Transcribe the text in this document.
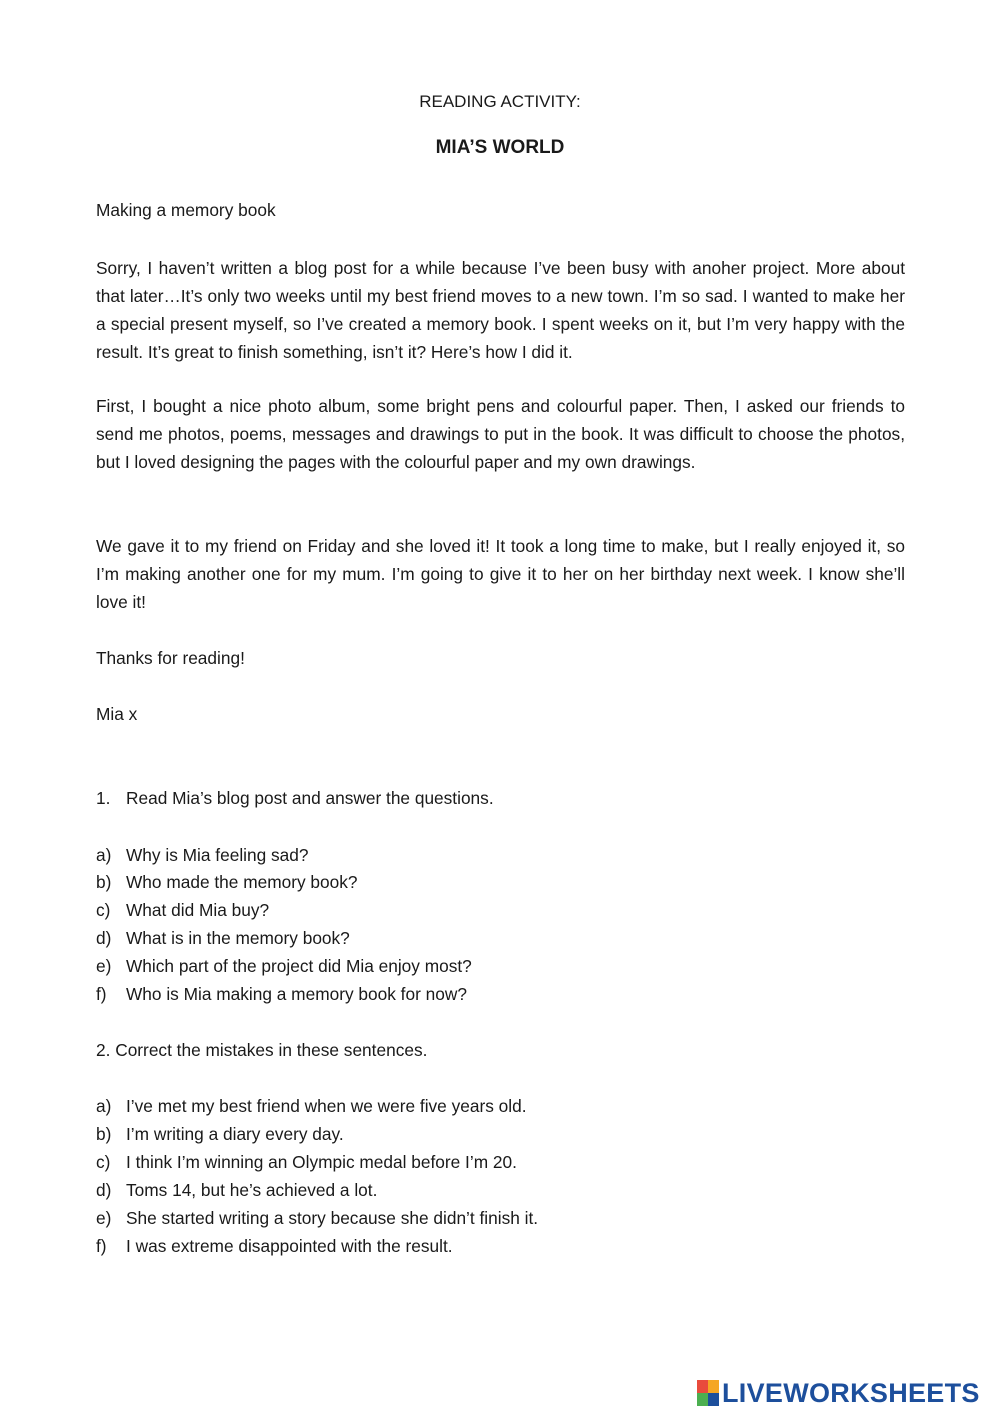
READING ACTIVITY:
MIA’S WORLD
Making a memory book
Sorry, I haven’t written a blog post for a while because I’ve been busy with anoher project. More about that later…It’s only two weeks until my best friend moves to a new town. I’m so sad. I wanted to make her a special present myself, so I’ve created a memory book. I spent weeks on it, but I’m very happy with the result. It’s great to finish something, isn’t it? Here’s how I did it.
First, I bought a nice photo album, some bright pens and colourful paper. Then, I asked our friends to send me photos, poems, messages and drawings to put in the book. It was difficult to choose the photos, but I loved designing the pages with the colourful paper and my own drawings.
We gave it to my friend on Friday and she loved it! It took a long time to make, but I really enjoyed it, so I’m making another one for my mum. I’m going to give it to her on her birthday next week. I know she’ll love it!
Thanks for reading!
Mia x
1. Read Mia’s blog post and answer the questions.
a) Why is Mia feeling sad?
b) Who made the memory book?
c) What did Mia buy?
d) What is in the memory book?
e) Which part of the project did Mia enjoy most?
f) Who is Mia making a memory book for now?
2. Correct the mistakes in these sentences.
a) I’ve met my best friend when we were five years old.
b) I’m writing a diary every day.
c) I think I’m winning an Olympic medal before I’m 20.
d) Toms 14, but he’s achieved a lot.
e) She started writing a story because she didn’t finish it.
f) I was extreme disappointed with the result.
LIVEWORKSHEETS
